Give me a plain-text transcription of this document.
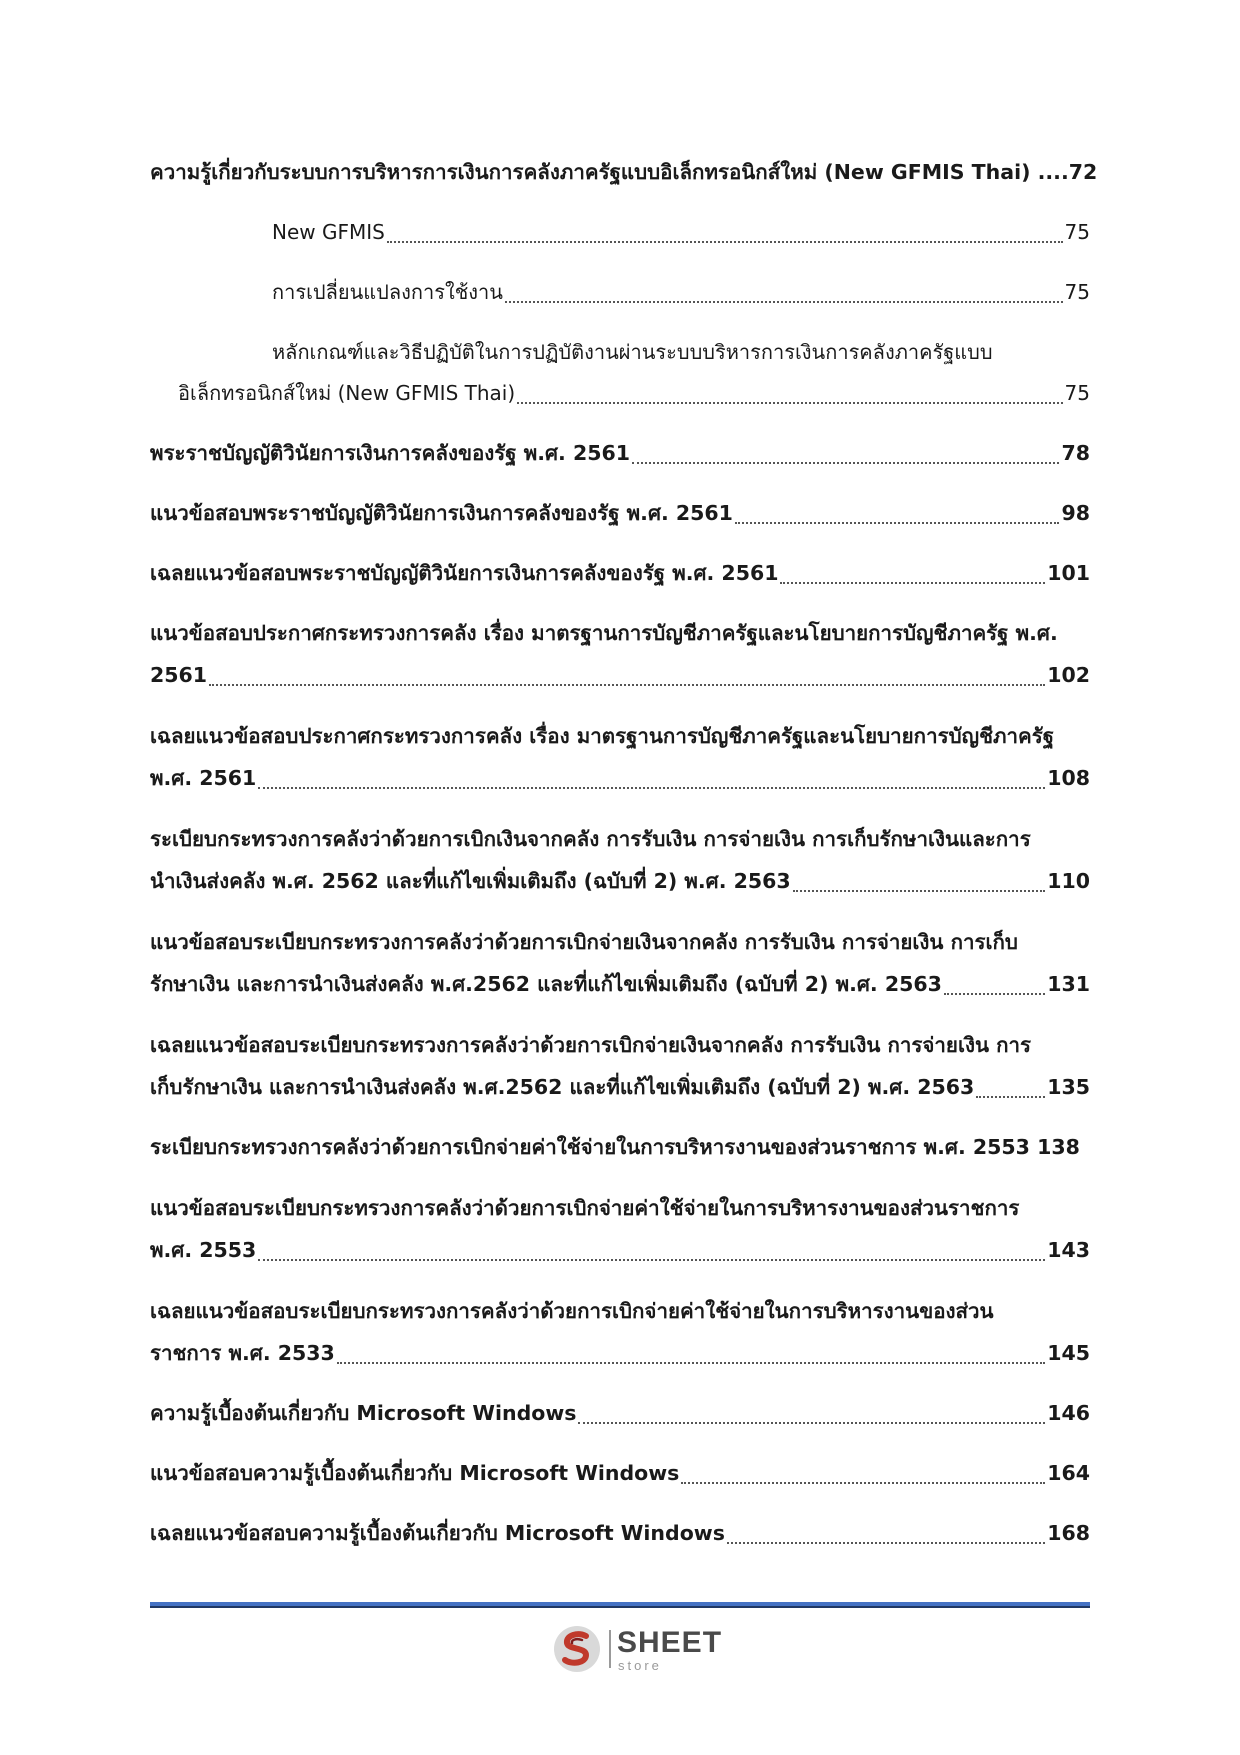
ความรู้เกี่ยวกับระบบการบริหารการเงินการคลังภาครัฐแบบอิเล็กทรอนิกส์ใหม่ (New GFMIS Thai) .... 72
New GFMIS	75
การเปลี่ยนแปลงการใช้งาน	75
หลักเกณฑ์และวิธีปฏิบัติในการปฏิบัติงานผ่านระบบบริหารการเงินการคลังภาครัฐแบบ
อิเล็กทรอนิกส์ใหม่ (New GFMIS Thai)	75
พระราชบัญญัติวินัยการเงินการคลังของรัฐ พ.ศ. 2561	78
แนวข้อสอบพระราชบัญญัติวินัยการเงินการคลังของรัฐ พ.ศ. 2561	98
เฉลยแนวข้อสอบพระราชบัญญัติวินัยการเงินการคลังของรัฐ พ.ศ. 2561	101
แนวข้อสอบประกาศกระทรวงการคลัง เรื่อง มาตรฐานการบัญชีภาครัฐและนโยบายการบัญชีภาครัฐ พ.ศ.
2561	102
เฉลยแนวข้อสอบประกาศกระทรวงการคลัง เรื่อง มาตรฐานการบัญชีภาครัฐและนโยบายการบัญชีภาครัฐ
พ.ศ. 2561	108
ระเบียบกระทรวงการคลังว่าด้วยการเบิกเงินจากคลัง การรับเงิน การจ่ายเงิน การเก็บรักษาเงินและการ
นำเงินส่งคลัง พ.ศ. 2562 และที่แก้ไขเพิ่มเติมถึง (ฉบับที่ 2) พ.ศ. 2563	110
แนวข้อสอบระเบียบกระทรวงการคลังว่าด้วยการเบิกจ่ายเงินจากคลัง การรับเงิน การจ่ายเงิน การเก็บ
รักษาเงิน และการนำเงินส่งคลัง พ.ศ.2562 และที่แก้ไขเพิ่มเติมถึง (ฉบับที่ 2) พ.ศ. 2563	131
เฉลยแนวข้อสอบระเบียบกระทรวงการคลังว่าด้วยการเบิกจ่ายเงินจากคลัง การรับเงิน การจ่ายเงิน การ
เก็บรักษาเงิน และการนำเงินส่งคลัง พ.ศ.2562 และที่แก้ไขเพิ่มเติมถึง (ฉบับที่ 2) พ.ศ. 2563	135
ระเบียบกระทรวงการคลังว่าด้วยการเบิกจ่ายค่าใช้จ่ายในการบริหารงานของส่วนราชการ พ.ศ. 2553 138
แนวข้อสอบระเบียบกระทรวงการคลังว่าด้วยการเบิกจ่ายค่าใช้จ่ายในการบริหารงานของส่วนราชการ
พ.ศ. 2553	143
เฉลยแนวข้อสอบระเบียบกระทรวงการคลังว่าด้วยการเบิกจ่ายค่าใช้จ่ายในการบริหารงานของส่วน
ราชการ พ.ศ. 2533	145
ความรู้เบื้องต้นเกี่ยวกับ Microsoft Windows	146
แนวข้อสอบความรู้เบื้องต้นเกี่ยวกับ Microsoft Windows	164
เฉลยแนวข้อสอบความรู้เบื้องต้นเกี่ยวกับ Microsoft Windows	168
SHEET
store
